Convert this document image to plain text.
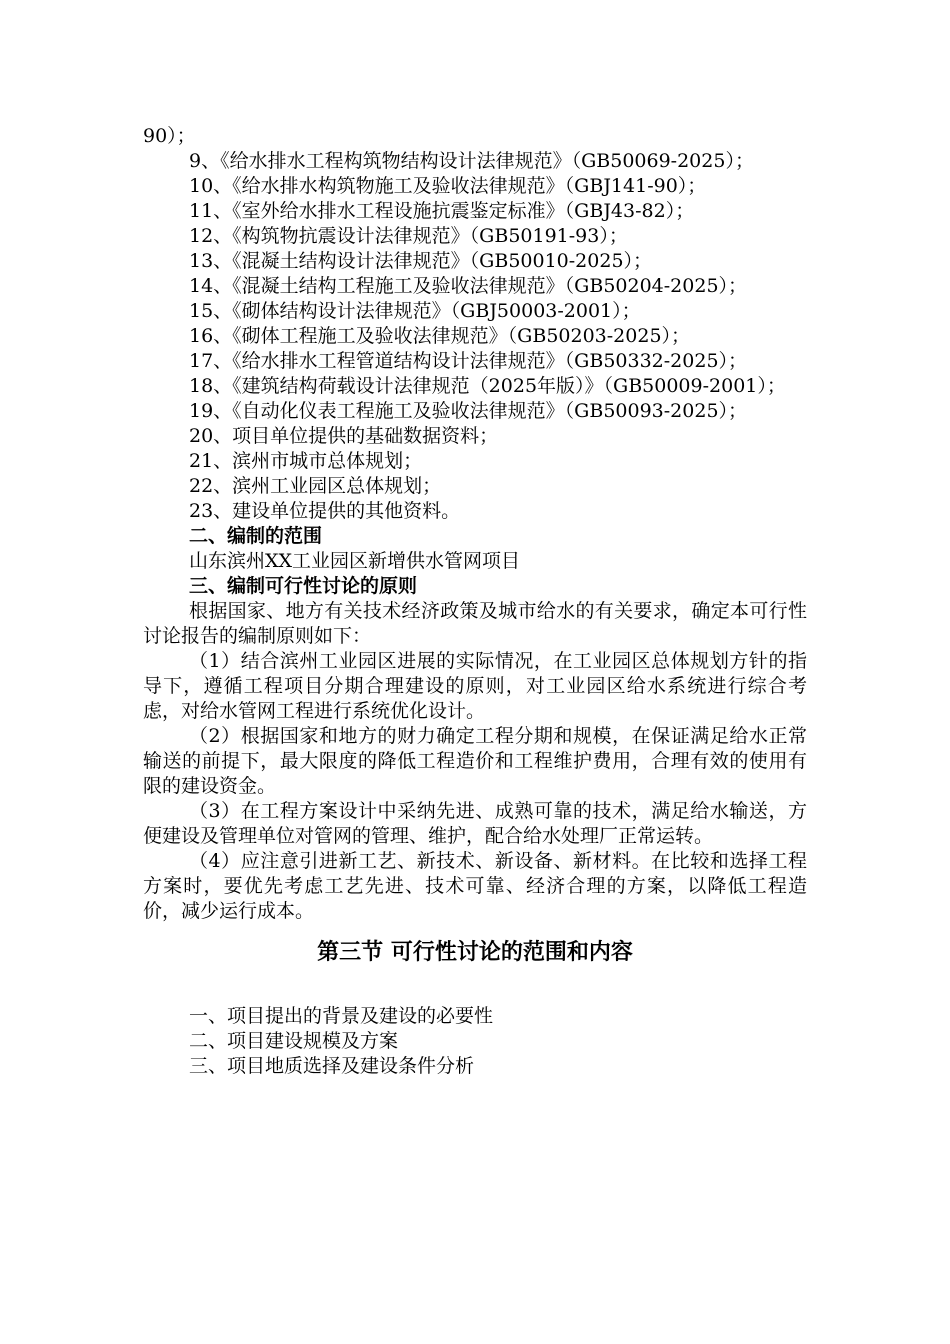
90）；

9、《给水排水工程构筑物结构设计法律规范》（GB50069-2025）；

10、《给水排水构筑物施工及验收法律规范》（GBJ141-90）；

11、《室外给水排水工程设施抗震鉴定标准》（GBJ43-82）；

12、《构筑物抗震设计法律规范》（GB50191-93）；

13、《混凝土结构设计法律规范》（GB50010-2025）；

14、《混凝土结构工程施工及验收法律规范》（GB50204-2025）；

15、《砌体结构设计法律规范》（GBJ50003-2001）；

16、《砌体工程施工及验收法律规范》（GB50203-2025）；

17、《给水排水工程管道结构设计法律规范》（GB50332-2025）；

18、《建筑结构荷载设计法律规范（2025年版）》（GB50009-2001）；

19、《自动化仪表工程施工及验收法律规范》（GB50093-2025）；

20、项目单位提供的基础数据资料；

21、滨州市城市总体规划；

22、滨州工业园区总体规划；

23、建设单位提供的其他资料。

二、编制的范围

山东滨州XX工业园区新增供水管网项目

三、编制可行性讨论的原则

根据国家、地方有关技术经济政策及城市给水的有关要求，确定本可行性讨论报告的编制原则如下：

（1）结合滨州工业园区进展的实际情况，在工业园区总体规划方针的指导下，遵循工程项目分期合理建设的原则，对工业园区给水系统进行综合考虑，对给水管网工程进行系统优化设计。

（2）根据国家和地方的财力确定工程分期和规模，在保证满足给水正常输送的前提下，最大限度的降低工程造价和工程维护费用，合理有效的使用有限的建设资金。

（3）在工程方案设计中采纳先进、成熟可靠的技术，满足给水输送，方便建设及管理单位对管网的管理、维护，配合给水处理厂正常运转。

（4）应注意引进新工艺、新技术、新设备、新材料。在比较和选择工程方案时，要优先考虑工艺先进、技术可靠、经济合理的方案，以降低工程造价，减少运行成本。

第三节 可行性讨论的范围和内容

一、项目提出的背景及建设的必要性

二、项目建设规模及方案

三、项目地质选择及建设条件分析
